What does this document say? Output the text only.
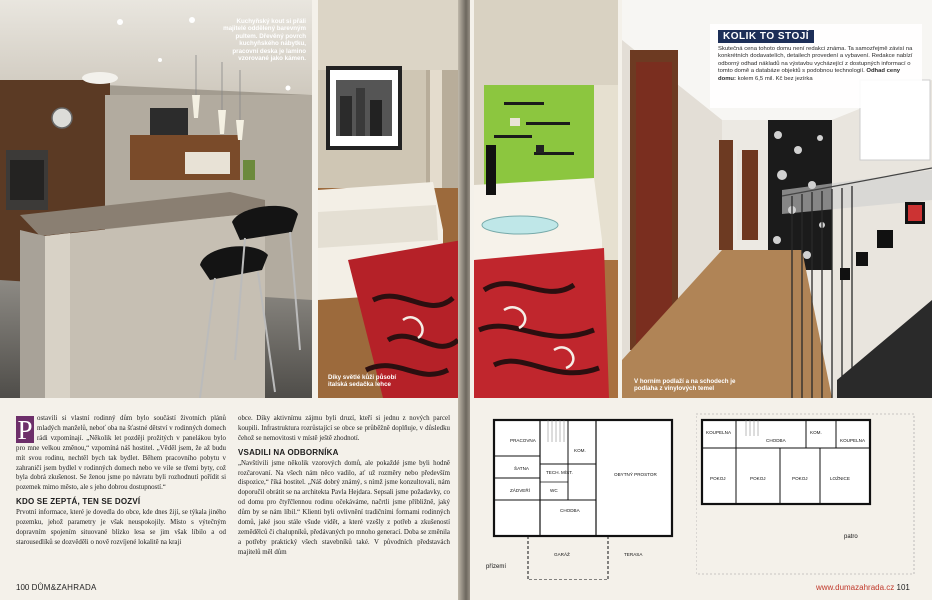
Kuchyňský kout si přáli majitelé oddělený barevným pultem. Dřevěný povrch kuchyňského nábytku, pracovní deska je lamino vzorované jako kámen.
Díky světlé kůži působí italská sedačka lehce

P ostavili si vlastní rodinný dům bylo součástí životních plánů mladých manželů, neboť oba na šťastné dětství v rodinných domech rádi vzpomínají. „Několik let později prožitých v panelákou bylo pro mne velkou změnou,“ vzpomíná náš hostitel. „Věděl jsem, že až budu mít svou rodinu, nechtěl bych tak bydlet. Během pracovního pobytu v zahraničí jsem bydlel v rodinných domech nebo ve vile se třemi byty, což byla dobrá zkušenost. Se ženou jsme po návratu byli rozhodnutí pořídit si pozemek mimo město, ale s jeho dobrou dostupností.“

KDO SE ZEPTÁ, TEN SE DOZVÍ

Prvotní informace, které je dovedla do obce, kde dnes žijí, se týkala jiného pozemku, jehož parametry je však neuspokojily. Místo s výtečným dopravním spojením situované blízko lesa se jim však líbilo a od starousedlíků se dozvěděli o nově rozvíjené lokalitě na kraji

obce. Díky aktivnímu zájmu byli druzí, kteří si jednu z nových parcel koupili. Infrastruktura rozrůstající se obce se průběžně doplňuje, v důsledku čehož se nemovitosti v místě ještě zhodnotí.

VSADILI NA ODBORNÍKA

„Navštívili jsme několik vzorových domů, ale pokaždé jsme byli hodně rozčarovaní. Na všech nám něco vadilo, ať už rozměry nebo především dispozice,“ říká hostitel. „Náš dobrý známý, s nímž jsme konzultovali, nám doporučil obrátit se na architekta Pavla Hejdara. Sepsali jsme požadavky, co od domu pro čtyřčlennou rodinu očekáváme, načrtli jsme přibližně, jaký dům by se nám líbil.“ Klienti byli ovlivnění tradičními formami rodinných domů, jaké jsou stále všude vidět, a které vzešly z potřeb a zkušeností zemědělců či chalupníků, předávaných po mnoho generací. Doba se změnila a potřeby praktický všech stavebníků také. V původních představách majitelů měl dům

100 DŮM&ZAHRADA
V horním podlaží a na schodech je podlaha z vinylových temel
KOLIK TO STOJÍ
Skutečná cena tohoto domu není redakci známa. Ta samozřejmě závisí na konkrétních dodavatelích, detailech provedení a vybavení. Redakce nabízí odborný odhad nákladů na výstavbu vycházející z dostupných informací o tomto domě a databáze objektů s podobnou technologií. Odhad ceny domu: kolem 6,5 mil. Kč bez jezírka
PRACOVNA
ŠATNA
ZÁDVEŘÍ
TECH. MÍST.
WC
KOM.
CHODBA
OBYTNÝ PROSTOR
GARÁŽ	TERASA
přízemí
KOUPELNA
CHODBA
KOM.
KOUPELNA
POKOJ	POKOJ	POKOJ	LOŽNICE
patro
www.dumazahrada.cz 101
